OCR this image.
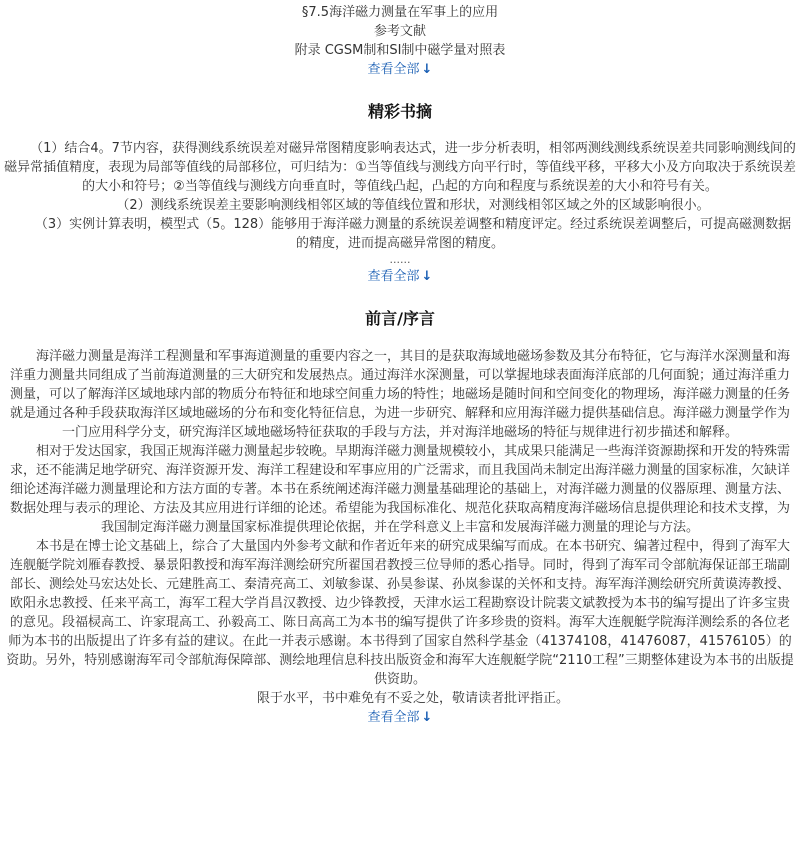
§7.5海洋磁力测量在军事上的应用
参考文献
附录 CGSM制和SI制中磁学量对照表
查看全部 ↓
精彩书摘

（1）结合4。7节内容，获得测线系统误差对磁异常图精度影响表达式，进一步分析表明，相邻两测线测线系统误差共同影响测线间的磁异常插值精度，表现为局部等值线的局部移位，可归结为：①当等值线与测线方向平行时，等值线平移，平移大小及方向取决于系统误差的大小和符号；②当等值线与测线方向垂直时，等值线凸起，凸起的方向和程度与系统误差的大小和符号有关。

（2）测线系统误差主要影响测线相邻区域的等值线位置和形状，对测线相邻区域之外的区域影响很小。

（3）实例计算表明，模型式（5。128）能够用于海洋磁力测量的系统误差调整和精度评定。经过系统误差调整后，可提高磁测数据的精度，进而提高磁异常图的精度。

......
查看全部 ↓
前言/序言

海洋磁力测量是海洋工程测量和军事海道测量的重要内容之一，其目的是获取海域地磁场参数及其分布特征，它与海洋水深测量和海洋重力测量共同组成了当前海道测量的三大研究和发展热点。通过海洋水深测量，可以掌握地球表面海洋底部的几何面貌；通过海洋重力测量，可以了解海洋区域地球内部的物质分布特征和地球空间重力场的特性；地磁场是随时间和空间变化的物理场，海洋磁力测量的任务就是通过各种手段获取海洋区域地磁场的分布和变化特征信息，为进一步研究、解释和应用海洋磁力提供基础信息。海洋磁力测量学作为一门应用科学分支，研究海洋区域地磁场特征获取的手段与方法，并对海洋地磁场的特征与规律进行初步描述和解释。

相对于发达国家，我国正规海洋磁力测量起步较晚。早期海洋磁力测量规模较小，其成果只能满足一些海洋资源勘探和开发的特殊需求，还不能满足地学研究、海洋资源开发、海洋工程建设和军事应用的广泛需求，而且我国尚未制定出海洋磁力测量的国家标准，欠缺详细论述海洋磁力测量理论和方法方面的专著。本书在系统阐述海洋磁力测量基础理论的基础上，对海洋磁力测量的仪器原理、测量方法、数据处理与表示的理论、方法及其应用进行详细的论述。希望能为我国标准化、规范化获取高精度海洋磁场信息提供理论和技术支撑，为我国制定海洋磁力测量国家标准提供理论依据，并在学科意义上丰富和发展海洋磁力测量的理论与方法。

本书是在博士论文基础上，综合了大量国内外参考文献和作者近年来的研究成果编写而成。在本书研究、编著过程中，得到了海军大连舰艇学院刘雁春教授、暴景阳教授和海军海洋测绘研究所翟国君教授三位导师的悉心指导。同时，得到了海军司令部航海保证部王瑞副部长、测绘处马宏达处长、元建胜高工、秦清亮高工、刘敏参谋、孙昊参谋、孙岚参谋的关怀和支持。海军海洋测绘研究所黄谟涛教授、欧阳永忠教授、任来平高工，海军工程大学肖昌汉教授、边少锋教授，天津水运工程勘察设计院裴文斌教授为本书的编写提出了许多宝贵的意见。段福棂高工、许家琨高工、孙毅高工、陈日高高工为本书的编写提供了许多珍贵的资料。海军大连舰艇学院海洋测绘系的各位老师为本书的出版提出了许多有益的建议。在此一并表示感谢。本书得到了国家自然科学基金（41374108，41476087，41576105）的资助。另外，特别感谢海军司令部航海保障部、测绘地理信息科技出版资金和海军大连舰艇学院“2110工程”三期整体建设为本书的出版提供资助。

限于水平，书中难免有不妥之处，敬请读者批评指正。

查看全部 ↓
